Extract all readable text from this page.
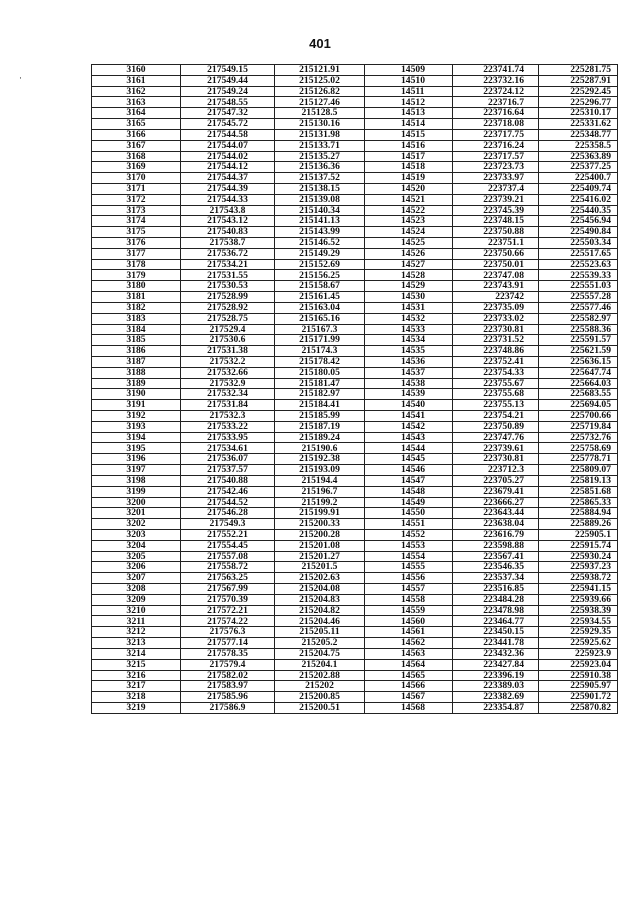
401
·
3160	217549.15	215121.91	14509	223741.74	225281.75
3161	217549.44	215125.02	14510	223732.16	225287.91
3162	217549.24	215126.82	14511	223724.12	225292.45
3163	217548.55	215127.46	14512	223716.7	225296.77
3164	217547.32	215128.5	14513	223716.64	225310.17
3165	217545.72	215130.16	14514	223718.08	225331.62
3166	217544.58	215131.98	14515	223717.75	225348.77
3167	217544.07	215133.71	14516	223716.24	225358.5
3168	217544.02	215135.27	14517	223717.57	225363.89
3169	217544.12	215136.36	14518	223723.73	225377.25
3170	217544.37	215137.52	14519	223733.97	225400.7
3171	217544.39	215138.15	14520	223737.4	225409.74
3172	217544.33	215139.08	14521	223739.21	225416.02
3173	217543.8	215140.34	14522	223745.39	225440.35
3174	217543.12	215141.13	14523	223748.15	225456.94
3175	217540.83	215143.99	14524	223750.88	225490.84
3176	217538.7	215146.52	14525	223751.1	225503.34
3177	217536.72	215149.29	14526	223750.66	225517.65
3178	217534.21	215152.69	14527	223750.01	225523.63
3179	217531.55	215156.25	14528	223747.08	225539.33
3180	217530.53	215158.67	14529	223743.91	225551.03
3181	217528.99	215161.45	14530	223742	225557.28
3182	217528.92	215163.04	14531	223735.09	225577.46
3183	217528.75	215165.16	14532	223733.02	225582.97
3184	217529.4	215167.3	14533	223730.81	225588.36
3185	217530.6	215171.99	14534	223731.52	225591.57
3186	217531.38	215174.3	14535	223748.86	225621.59
3187	217532.2	215178.42	14536	223752.41	225636.15
3188	217532.66	215180.05	14537	223754.33	225647.74
3189	217532.9	215181.47	14538	223755.67	225664.03
3190	217532.34	215182.97	14539	223755.68	225683.55
3191	217531.84	215184.41	14540	223755.13	225694.05
3192	217532.3	215185.99	14541	223754.21	225700.66
3193	217533.22	215187.19	14542	223750.89	225719.84
3194	217533.95	215189.24	14543	223747.76	225732.76
3195	217534.61	215190.6	14544	223739.61	225758.69
3196	217536.07	215192.38	14545	223730.81	225778.71
3197	217537.57	215193.09	14546	223712.3	225809.07
3198	217540.88	215194.4	14547	223705.27	225819.13
3199	217542.46	215196.7	14548	223679.41	225851.68
3200	217544.52	215199.2	14549	223666.27	225865.33
3201	217546.28	215199.91	14550	223643.44	225884.94
3202	217549.3	215200.33	14551	223638.04	225889.26
3203	217552.21	215200.28	14552	223616.79	225905.1
3204	217554.45	215201.08	14553	223598.88	225915.74
3205	217557.08	215201.27	14554	223567.41	225930.24
3206	217558.72	215201.5	14555	223546.35	225937.23
3207	217563.25	215202.63	14556	223537.34	225938.72
3208	217567.99	215204.08	14557	223516.85	225941.15
3209	217570.39	215204.83	14558	223484.28	225939.66
3210	217572.21	215204.82	14559	223478.98	225938.39
3211	217574.22	215204.46	14560	223464.77	225934.55
3212	217576.3	215205.11	14561	223450.15	225929.35
3213	217577.14	215205.2	14562	223441.78	225925.62
3214	217578.35	215204.75	14563	223432.36	225923.9
3215	217579.4	215204.1	14564	223427.84	225923.04
3216	217582.02	215202.88	14565	223396.19	225910.38
3217	217583.97	215202	14566	223389.03	225905.97
3218	217585.96	215200.85	14567	223382.69	225901.72
3219	217586.9	215200.51	14568	223354.87	225870.82
